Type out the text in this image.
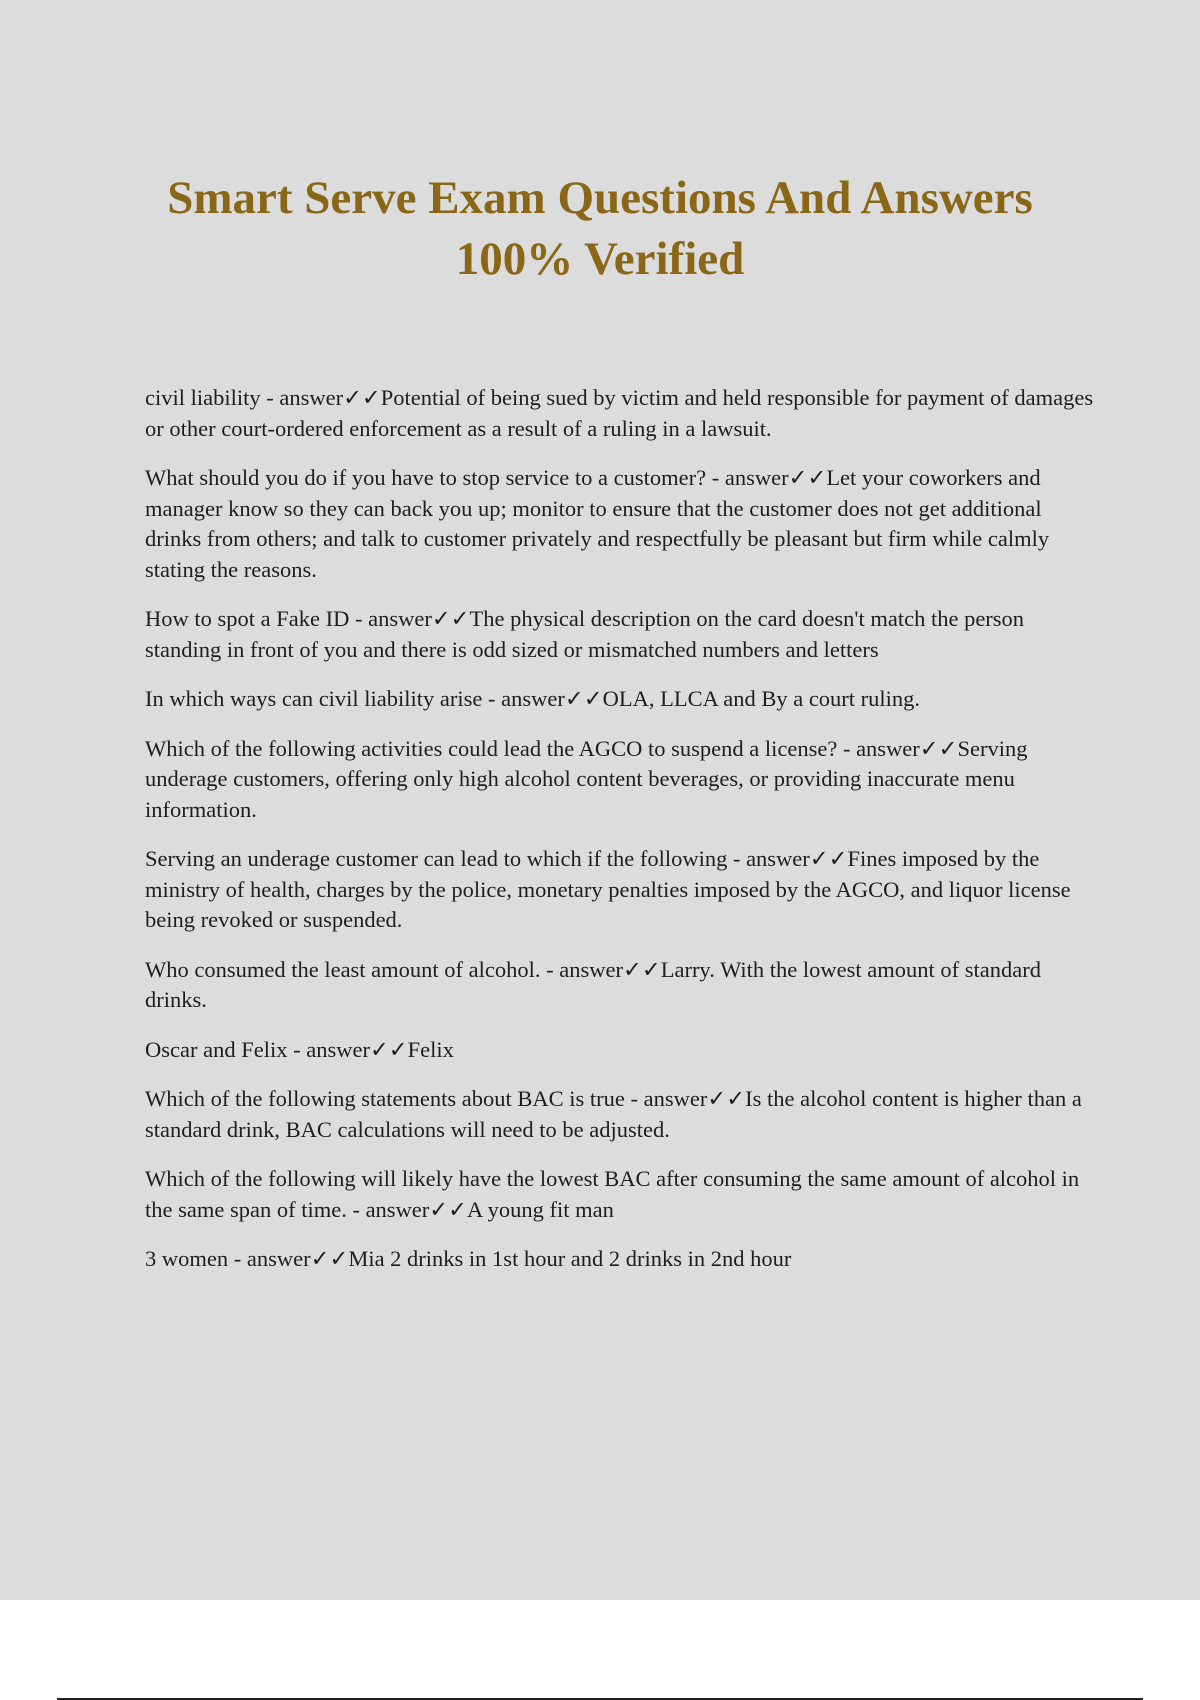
Smart Serve Exam Questions And Answers
100% Verified
civil liability - answer✓✓Potential of being sued by victim and held responsible for payment of damages or other court-ordered enforcement as a result of a ruling in a lawsuit.
What should you do if you have to stop service to a customer? - answer✓✓Let your coworkers and manager know so they can back you up; monitor to ensure that the customer does not get additional drinks from others; and talk to customer privately and respectfully be pleasant but firm while calmly stating the reasons.
How to spot a Fake ID - answer✓✓The physical description on the card doesn't match the person standing in front of you and there is odd sized or mismatched numbers and letters
In which ways can civil liability arise - answer✓✓OLA, LLCA and By a court ruling.
Which of the following activities could lead the AGCO to suspend a license? - answer✓✓Serving underage customers, offering only high alcohol content beverages, or providing inaccurate menu information.
Serving an underage customer can lead to which if the following - answer✓✓Fines imposed by the ministry of health, charges by the police, monetary penalties imposed by the AGCO, and liquor license being revoked or suspended.
Who consumed the least amount of alcohol. - answer✓✓Larry. With the lowest amount of standard drinks.
Oscar and Felix - answer✓✓Felix
Which of the following statements about BAC is true - answer✓✓Is the alcohol content is higher than a standard drink, BAC calculations will need to be adjusted.
Which of the following will likely have the lowest BAC after consuming the same amount of alcohol in the same span of time. - answer✓✓A young fit man
3 women - answer✓✓Mia 2 drinks in 1st hour and 2 drinks in 2nd hour
